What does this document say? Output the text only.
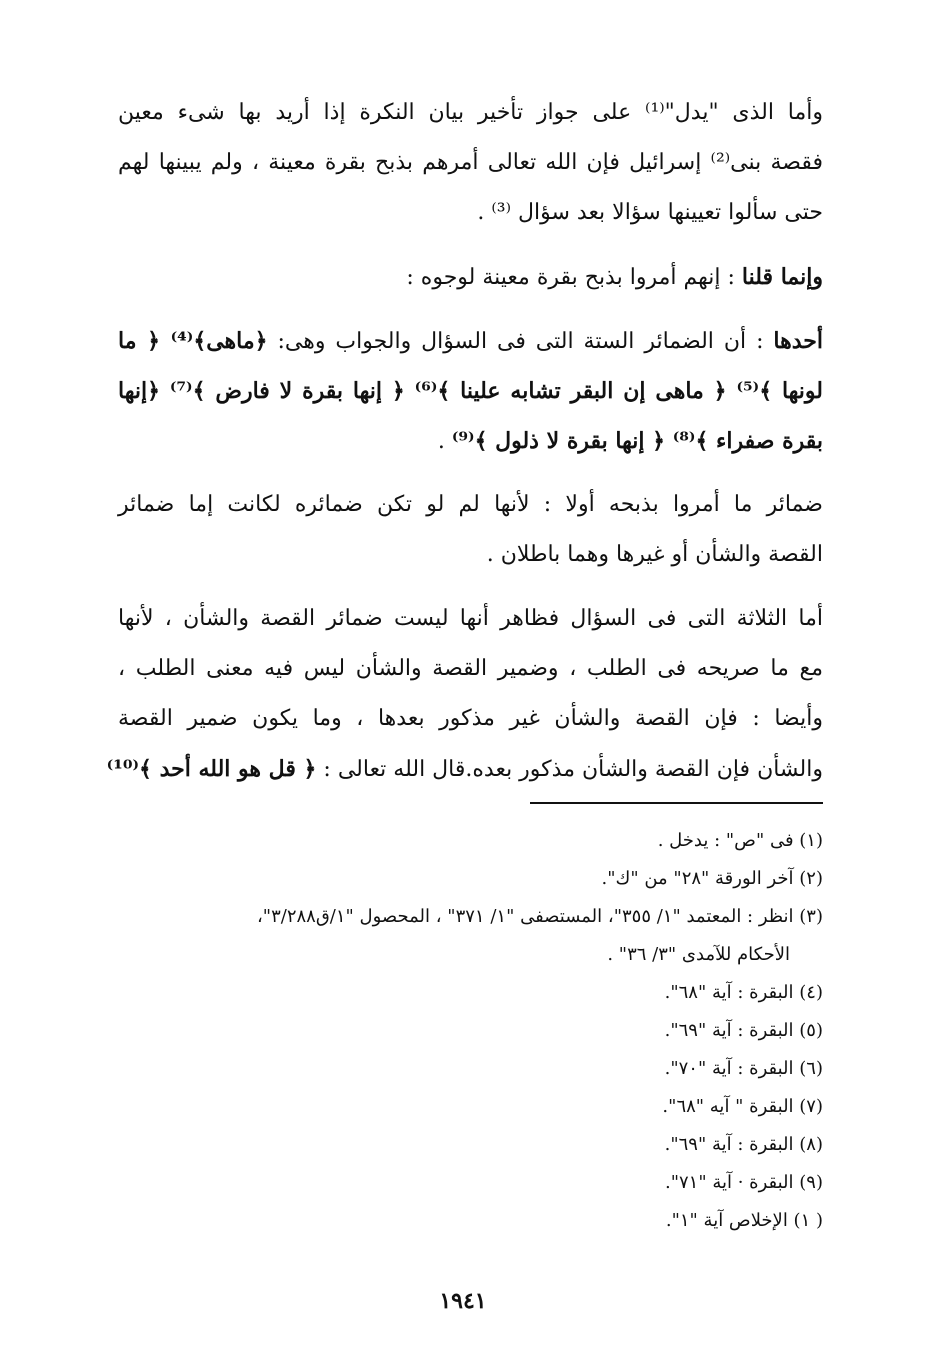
وأما الذى "يدل"⁽¹⁾ على جواز تأخير بيان النكرة إذا أريد بها شىء معين
فقصة بنى⁽²⁾ إسرائيل فإن الله تعالى أمرهم بذبح بقرة معينة ، ولم يبينها لهم
حتى سألوا تعيينها سؤالا بعد سؤال ⁽³⁾ .
وإنما قلنا : إنهم أمروا بذبح بقرة معينة لوجوه :
أحدها : أن الضمائر الستة التى فى السؤال والجواب وهى: ﴿ماهى﴾⁽⁴⁾ ﴿ ما
لونها ﴾⁽⁵⁾ ﴿ ماهى إن البقر تشابه علينا ﴾⁽⁶⁾ ﴿ إنها بقرة لا فارض ﴾⁽⁷⁾ ﴿إنها
بقرة صفراء ﴾⁽⁸⁾ ﴿ إنها بقرة لا ذلول ﴾⁽⁹⁾ .
ضمائر ما أمروا بذبحه أولا : لأنها لم لو تكن ضمائره لكانت إما ضمائر
القصة والشأن أو غيرها وهما باطلان .
أما الثلاثة التى فى السؤال فظاهر أنها ليست ضمائر القصة والشأن ، لأنها
مع ما صريحه فى الطلب ، وضمير القصة والشأن ليس فيه معنى الطلب ،
وأيضا : فإن القصة والشأن غير مذكور بعدها ، وما يكون ضمير القصة
والشأن فإن القصة والشأن مذكور بعده.قال الله تعالى : ﴿ قل هو الله أحد ﴾⁽¹⁰⁾
(١) فى "ص" : يدخل .
(٢) آخر الورقة "٢٨" من "ك".
(٣) انظر : المعتمد "١/ ٣٥٥"، المستصفى "١/ ٣٧١" ، المحصول "١/ق٣/٢٨٨"،
الأحكام للآمدى "٣/ ٣٦" .
(٤) البقرة : آية "٦٨".
(٥) البقرة : آية "٦٩".
(٦) البقرة : آية "٧٠".
(٧) البقرة " آيه "٦٨".
(٨) البقرة : آية "٦٩".
(٩) البقرة · آية "٧١".
( ١) الإخلاص آية "١".
١٩٤١
